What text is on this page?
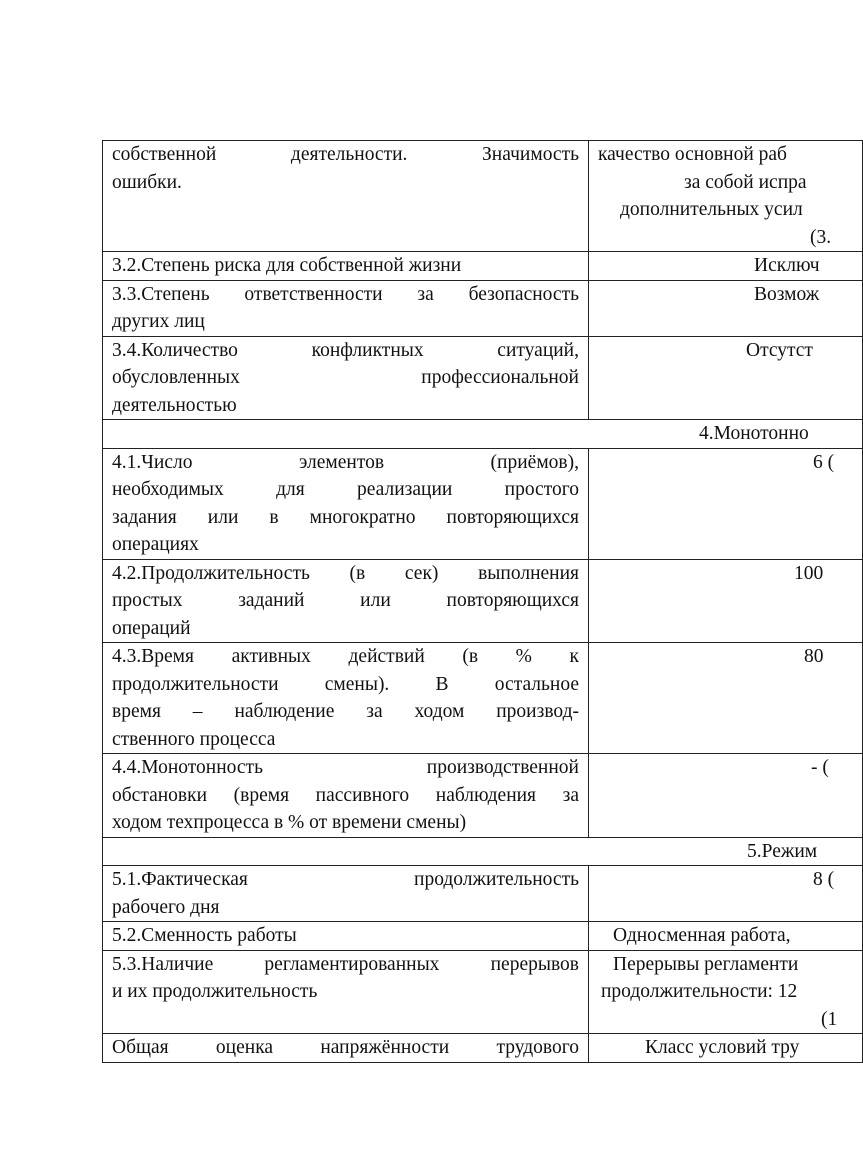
собственной деятельности. Значимость
ошибки.	качество основной раб
за собой испра
дополнительных усил
(3.

3.2.Степень риска для собственной жизни	Исключ

3.3.Степень ответственности за безопасность
других лиц	Возмож

3.4.Количество конфликтных ситуаций,
обусловленных профессиональной
деятельностью	Отсутст
4.Монотонно	

4.1.Число элементов (приёмов),
необходимых для реализации простого
задания или в многократно повторяющихся
операциях	6 (

4.2.Продолжительность (в сек) выполнения
простых заданий или повторяющихся
операций	100

4.3.Время активных действий (в % к
продолжительности смены). В остальное
время – наблюдение за ходом производ-
ственного процесса	80

4.4.Монотонность производственной
обстановки (время пассивного наблюдения за
ходом техпроцесса в % от времени смены)	- (
5.Режим	

5.1.Фактическая продолжительность
рабочего дня	8 (
5.2.Сменность работы	Односменная работа,

5.3.Наличие регламентированных перерывов
и их продолжительность	Перерывы регламенти
продолжительности: 12
(1

Общая оценка напряжённости трудового	Класс условий тру
